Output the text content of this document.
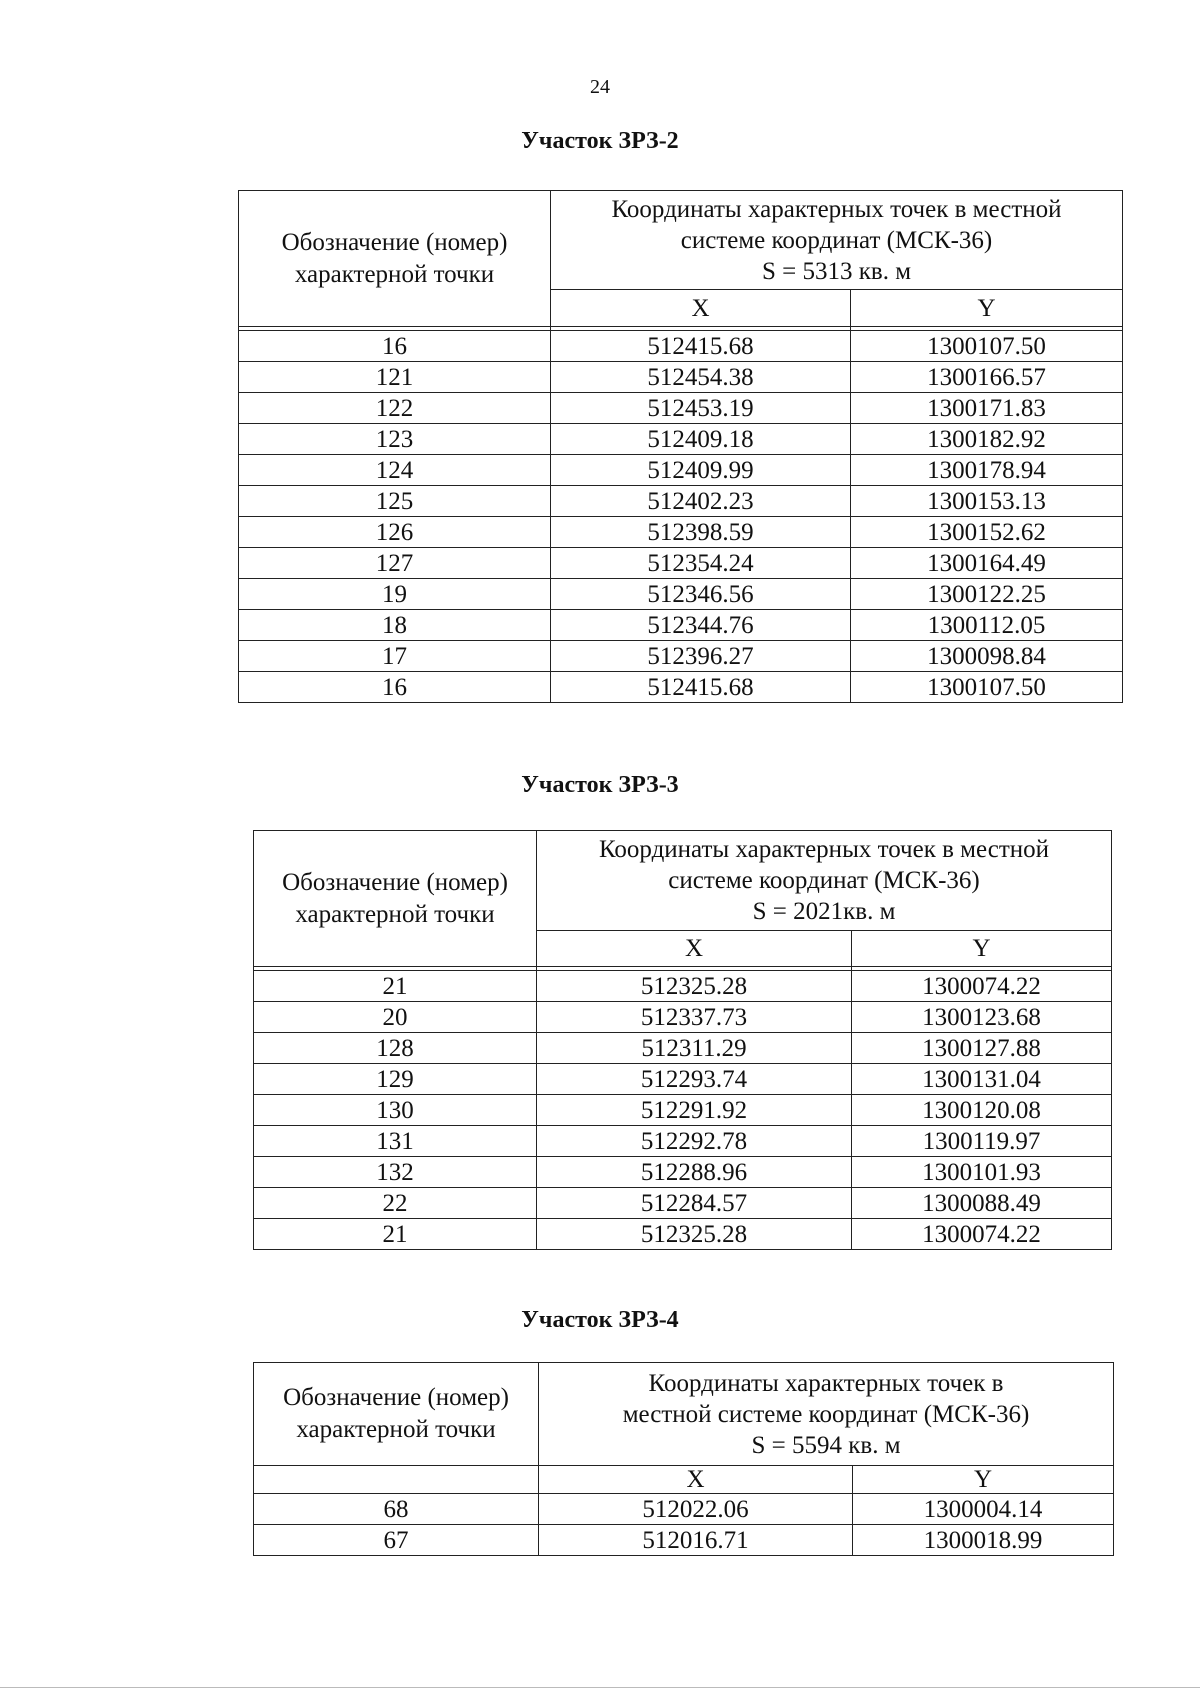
24
Участок ЗРЗ-2
Обозначение (номер) характерной точки	Координаты характерных точек в местной
системе координат (МСК-36)
S = 5313 кв. м	
	X	Y

16	512415.68	1300107.50
121	512454.38	1300166.57
122	512453.19	1300171.83
123	512409.18	1300182.92
124	512409.99	1300178.94
125	512402.23	1300153.13
126	512398.59	1300152.62
127	512354.24	1300164.49
19	512346.56	1300122.25
18	512344.76	1300112.05
17	512396.27	1300098.84
16	512415.68	1300107.50
Участок ЗРЗ-3
Обозначение (номер) характерной точки	Координаты характерных точек в местной
системе координат (МСК-36)
S = 2021кв. м	
	X	Y

21	512325.28	1300074.22
20	512337.73	1300123.68
128	512311.29	1300127.88
129	512293.74	1300131.04
130	512291.92	1300120.08
131	512292.78	1300119.97
132	512288.96	1300101.93
22	512284.57	1300088.49
21	512325.28	1300074.22
Участок ЗРЗ-4
Обозначение (номер) характерной точки	Координаты характерных точек в
местной системе координат (МСК-36)
S = 5594 кв. м	
	X	Y
68	512022.06	1300004.14
67	512016.71	1300018.99
